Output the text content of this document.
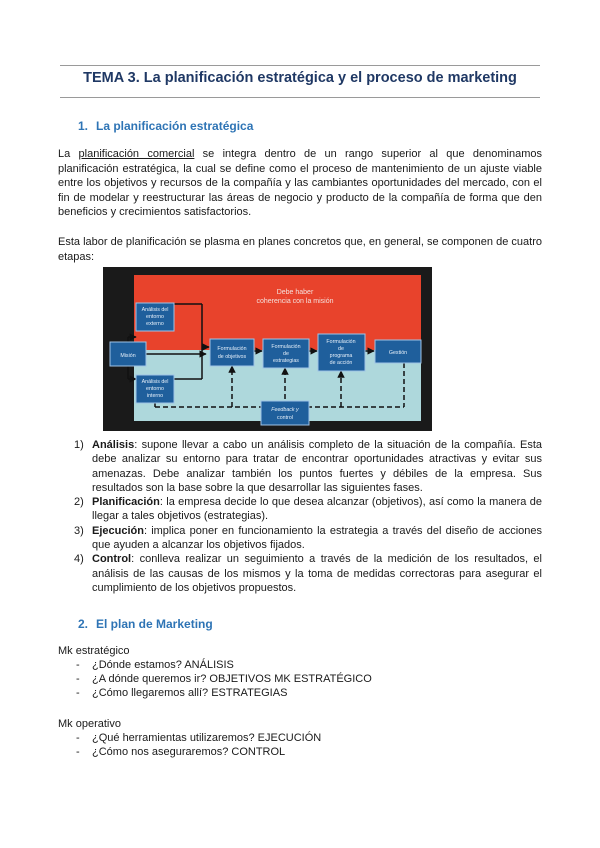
TEMA 3. La planificación estratégica y el proceso de marketing
1. La planificación estratégica
La planificación comercial se integra dentro de un rango superior al que denominamos planificación estratégica, la cual se define como el proceso de mantenimiento de un ajuste viable entre los objetivos y recursos de la compañía y las cambiantes oportunidades del mercado, con el fin de modelar y reestructurar las áreas de negocio y producto de la compañía de forma que den beneficios y crecimientos satisfactorios.
Esta labor de planificación se plasma en planes concretos que, en general, se componen de cuatro etapas:
Debe haber
coherencia con la misión
Misión
Análisis del
entorno
externo
Análisis del
entorno
interno
Formulación
de objetivos
Formulación
de
estrategias
Formulación
de
programa
de acción
Gestión
Feedback y
control
1) Análisis: supone llevar a cabo un análisis completo de la situación de la compañía. Esta debe analizar su entorno para tratar de encontrar oportunidades atractivas y evitar sus amenazas. Debe analizar también los puntos fuertes y débiles de la empresa. Sus resultados son la base sobre la que desarrollar las siguientes fases.
2) Planificación: la empresa decide lo que desea alcanzar (objetivos), así como la manera de llegar a tales objetivos (estrategias).
3) Ejecución: implica poner en funcionamiento la estrategia a través del diseño de acciones que ayuden a alcanzar los objetivos fijados.
4) Control: conlleva realizar un seguimiento a través de la medición de los resultados, el análisis de las causas de los mismos y la toma de medidas correctoras para asegurar el cumplimiento de los objetivos propuestos.
2. El plan de Marketing
Mk estratégico
- ¿Dónde estamos? ANÁLISIS
- ¿A dónde queremos ir? OBJETIVOS MK ESTRATÉGICO
- ¿Cómo llegaremos allí? ESTRATEGIAS
Mk operativo
- ¿Qué herramientas utilizaremos? EJECUCIÓN
- ¿Cómo nos aseguraremos? CONTROL
